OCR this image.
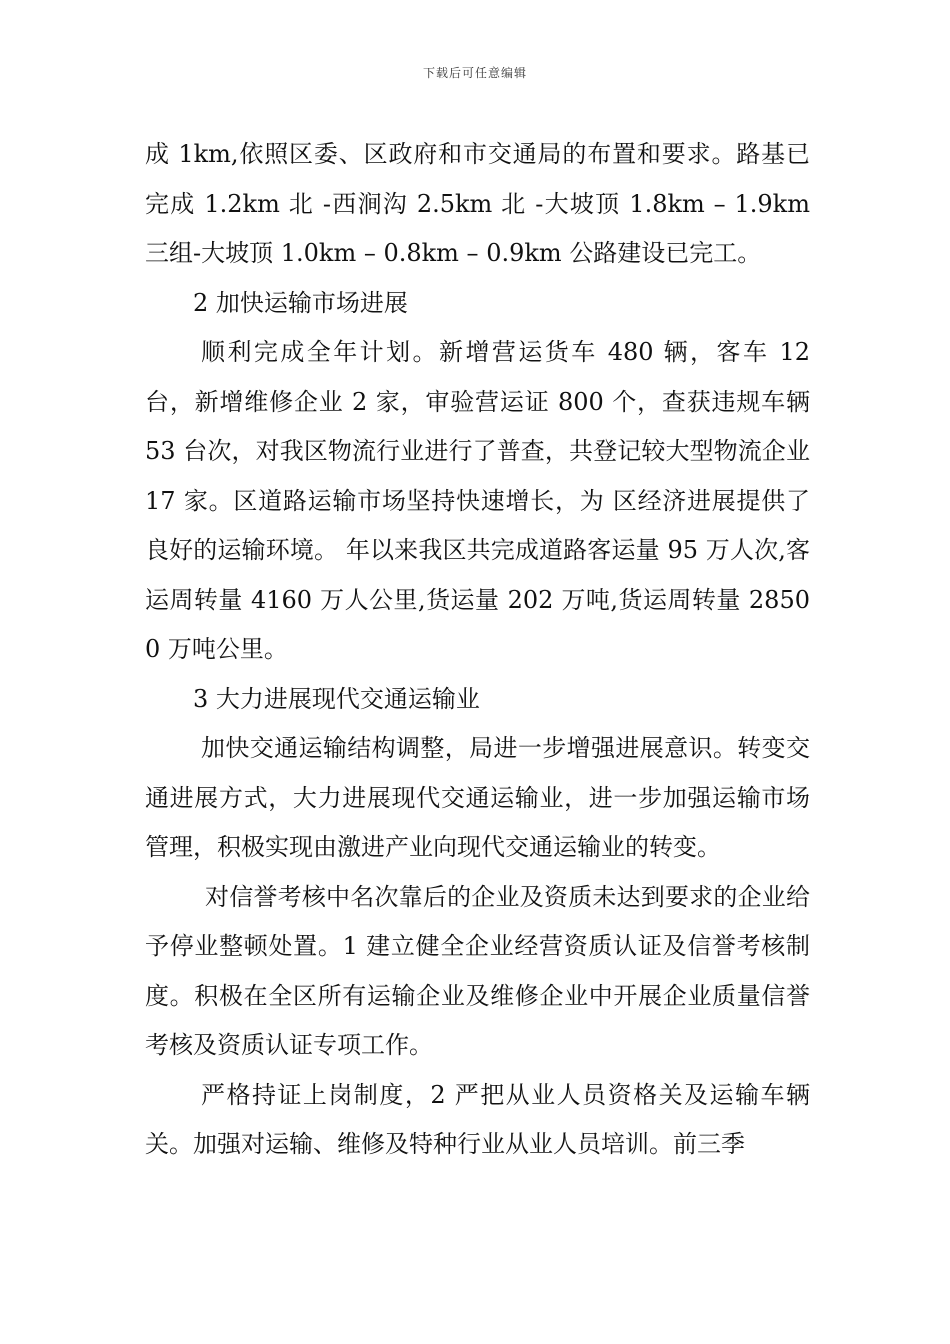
下载后可任意编辑

成 1km,依照区委、区政府和市交通局的布置和要求。路基已完成 1.2km 北 -西涧沟 2.5km 北 -大坡顶 1.8km – 1.9km 三组-大坡顶 1.0km – 0.8km – 0.9km 公路建设已完工。

2 加快运输市场进展

顺利完成全年计划。新增营运货车 480 辆，客车 12 台，新增维修企业 2 家，审验营运证 800 个，查获违规车辆 53 台次，对我区物流行业进行了普查，共登记较大型物流企业 17 家。区道路运输市场坚持快速增长，为 区经济进展提供了良好的运输环境。 年以来我区共完成道路客运量 95 万人次,客运周转量 4160 万人公里,货运量 202 万吨,货运周转量 28500 万吨公里。

3 大力进展现代交通运输业

加快交通运输结构调整，局进一步增强进展意识。转变交通进展方式，大力进展现代交通运输业，进一步加强运输市场管理，积极实现由激进产业向现代交通运输业的转变。

对信誉考核中名次靠后的企业及资质未达到要求的企业给予停业整顿处置。1 建立健全企业经营资质认证及信誉考核制度。积极在全区所有运输企业及维修企业中开展企业质量信誉考核及资质认证专项工作。

严格持证上岗制度，2 严把从业人员资格关及运输车辆关。加强对运输、维修及特种行业从业人员培训。前三季
